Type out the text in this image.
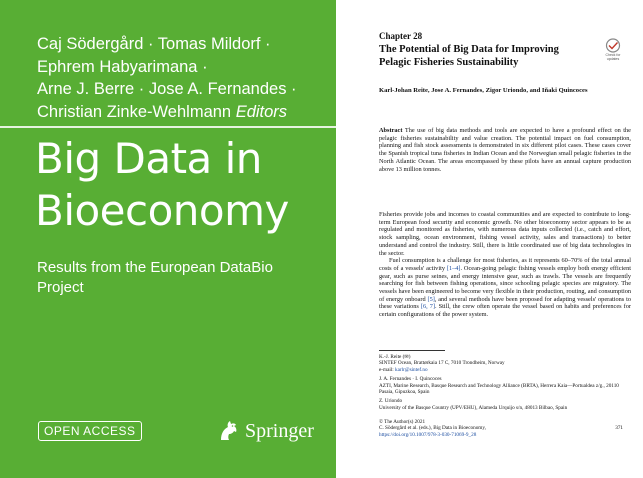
Caj Södergård · Tomas Mildorf ·
Ephrem Habyarimana ·
Arne J. Berre · Jose A. Fernandes ·
Christian Zinke-Wehlmann Editors
Big Data in
Bioeconomy
Results from the European DataBio Project
OPEN ACCESS	Springer
Chapter 28
The Potential of Big Data for Improving Pelagic Fisheries Sustainability
Check for updates
Karl-Johan Reite, Jose A. Fernandes, Zigor Uriondo, and Iñaki Quincoces
Abstract The use of big data methods and tools are expected to have a profound effect on the pelagic fisheries sustainability and value creation. The potential impact on fuel consumption, planning and fish stock assessments is demonstrated in six different pilot cases. These cases cover the Spanish tropical tuna fisheries in Indian Ocean and the Norwegian small pelagic fisheries in the North Atlantic Ocean. The areas encompassed by these pilots have an annual capture production above 13 million tonnes.

Fisheries provide jobs and incomes to coastal communities and are expected to contribute to long-term European food security and economic growth. No other bioeconomy sector appears to be as regulated and monitored as fisheries, with numerous data inputs collected (i.e., catch and effort, stock sampling, ocean environment, fishing vessel activity, sales and transactions) to better understand and control the industry. Still, there is little coordinated use of big data technologies in the sector.

Fuel consumption is a challenge for most fisheries, as it represents 60–70% of the total annual costs of a vessels' activity [1–4]. Ocean-going pelagic fishing vessels employ both energy efficient gear, such as purse seines, and energy intensive gear, such as trawls. The vessels are frequently searching for fish between fishing operations, since schooling pelagic species are migratory. The vessels have been engineered to become very flexible in their production, routing, and consumption of energy onboard [5], and several methods have been proposed for adapting vessels' operations to these variations [6, 7]. Still, the crew often operate the vessel based on habits and preferences for certain configurations of the power system.

K.-J. Reite (✉)
SINTEF Ocean, Brattørkaia 17 C, 7010 Trondheim, Norway
e-mail: karlr@sintef.no
J. A. Fernandes · I. Quincoces
AZTI, Marine Research, Basque Research and Technology Alliance (BRTA), Herrera Kaia—Portualdea z/g., 20110 Pasaia, Gipuzkoa, Spain
Z. Uriondo
University of the Basque Country (UPV/EHU), Alameda Urquijo s/n, 48013 Bilbao, Spain
© The Author(s) 2021
C. Södergård et al. (eds.), Big Data in Bioeconomy,
https://doi.org/10.1007/978-3-030-71069-9_28
371
